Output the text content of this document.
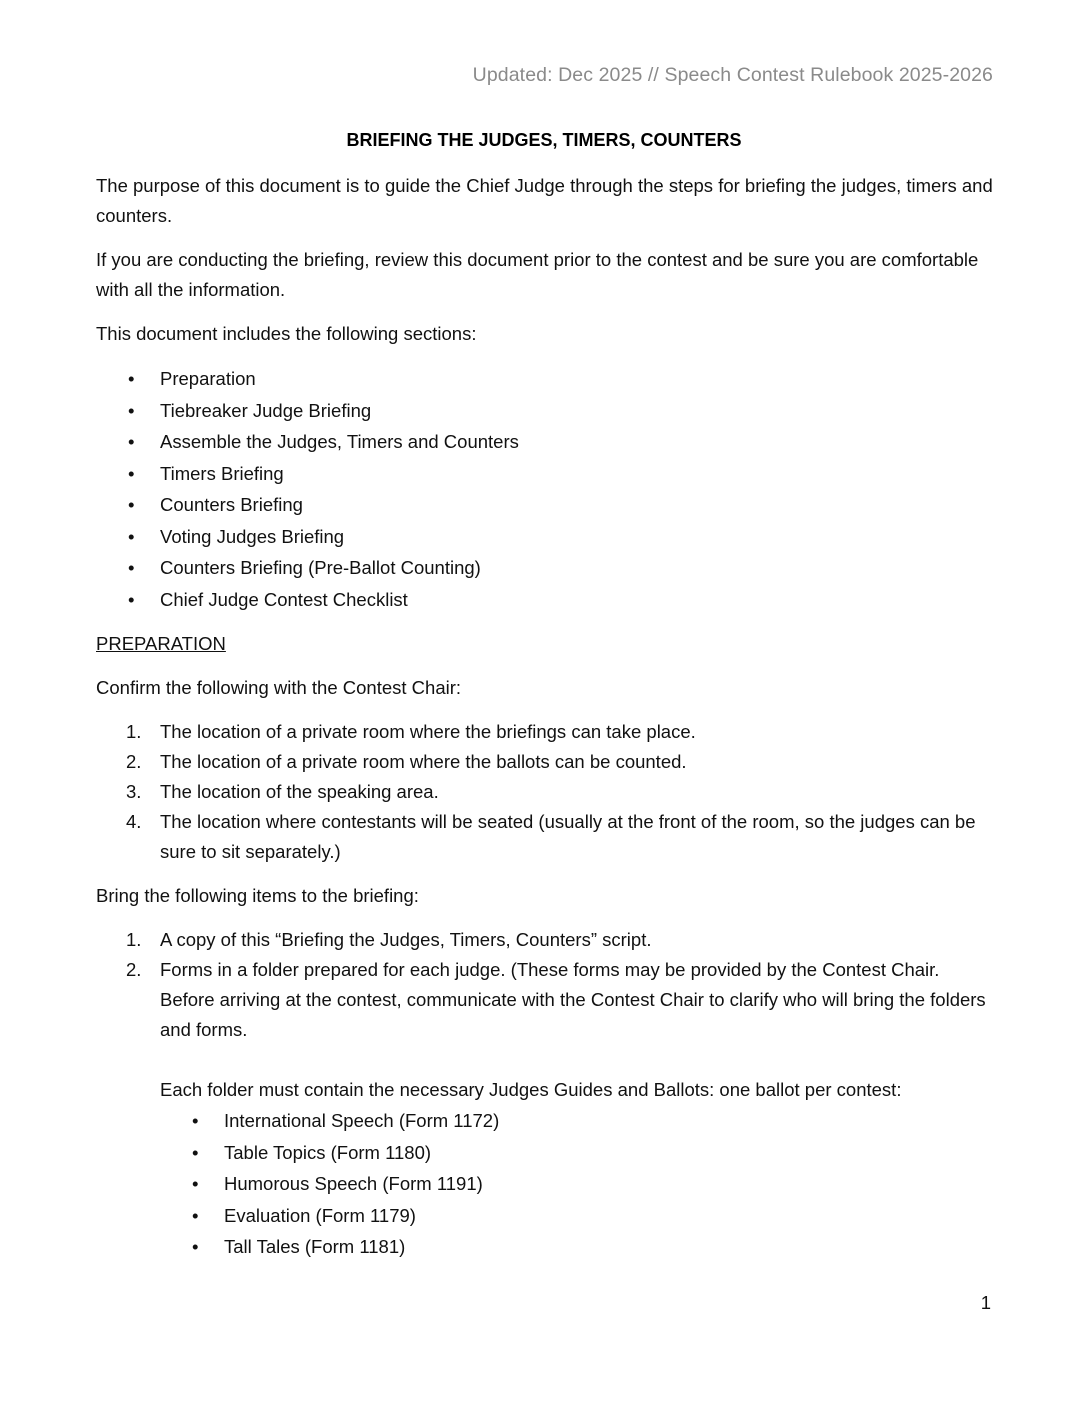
Updated: Dec 2025 // Speech Contest Rulebook 2025-2026
BRIEFING THE JUDGES, TIMERS, COUNTERS

The purpose of this document is to guide the Chief Judge through the steps for briefing the judges, timers and counters.

If you are conducting the briefing, review this document prior to the contest and be sure you are comfortable with all the information.

This document includes the following sections:

• Preparation
• Tiebreaker Judge Briefing
• Assemble the Judges, Timers and Counters
• Timers Briefing
• Counters Briefing
• Voting Judges Briefing
• Counters Briefing (Pre-Ballot Counting)
• Chief Judge Contest Checklist

PREPARATION

Confirm the following with the Contest Chair:

1. The location of a private room where the briefings can take place.
2. The location of a private room where the ballots can be counted.
3. The location of the speaking area.
4. The location where contestants will be seated (usually at the front of the room, so the judges can be sure to sit separately.)

Bring the following items to the briefing:

1. A copy of this “Briefing the Judges, Timers, Counters” script.
2. Forms in a folder prepared for each judge. (These forms may be provided by the Contest Chair. Before arriving at the contest, communicate with the Contest Chair to clarify who will bring the folders and forms.
Each folder must contain the necessary Judges Guides and Ballots: one ballot per contest:
• International Speech (Form 1172)
• Table Topics (Form 1180)
• Humorous Speech (Form 1191)
• Evaluation (Form 1179)
• Tall Tales (Form 1181)
1
